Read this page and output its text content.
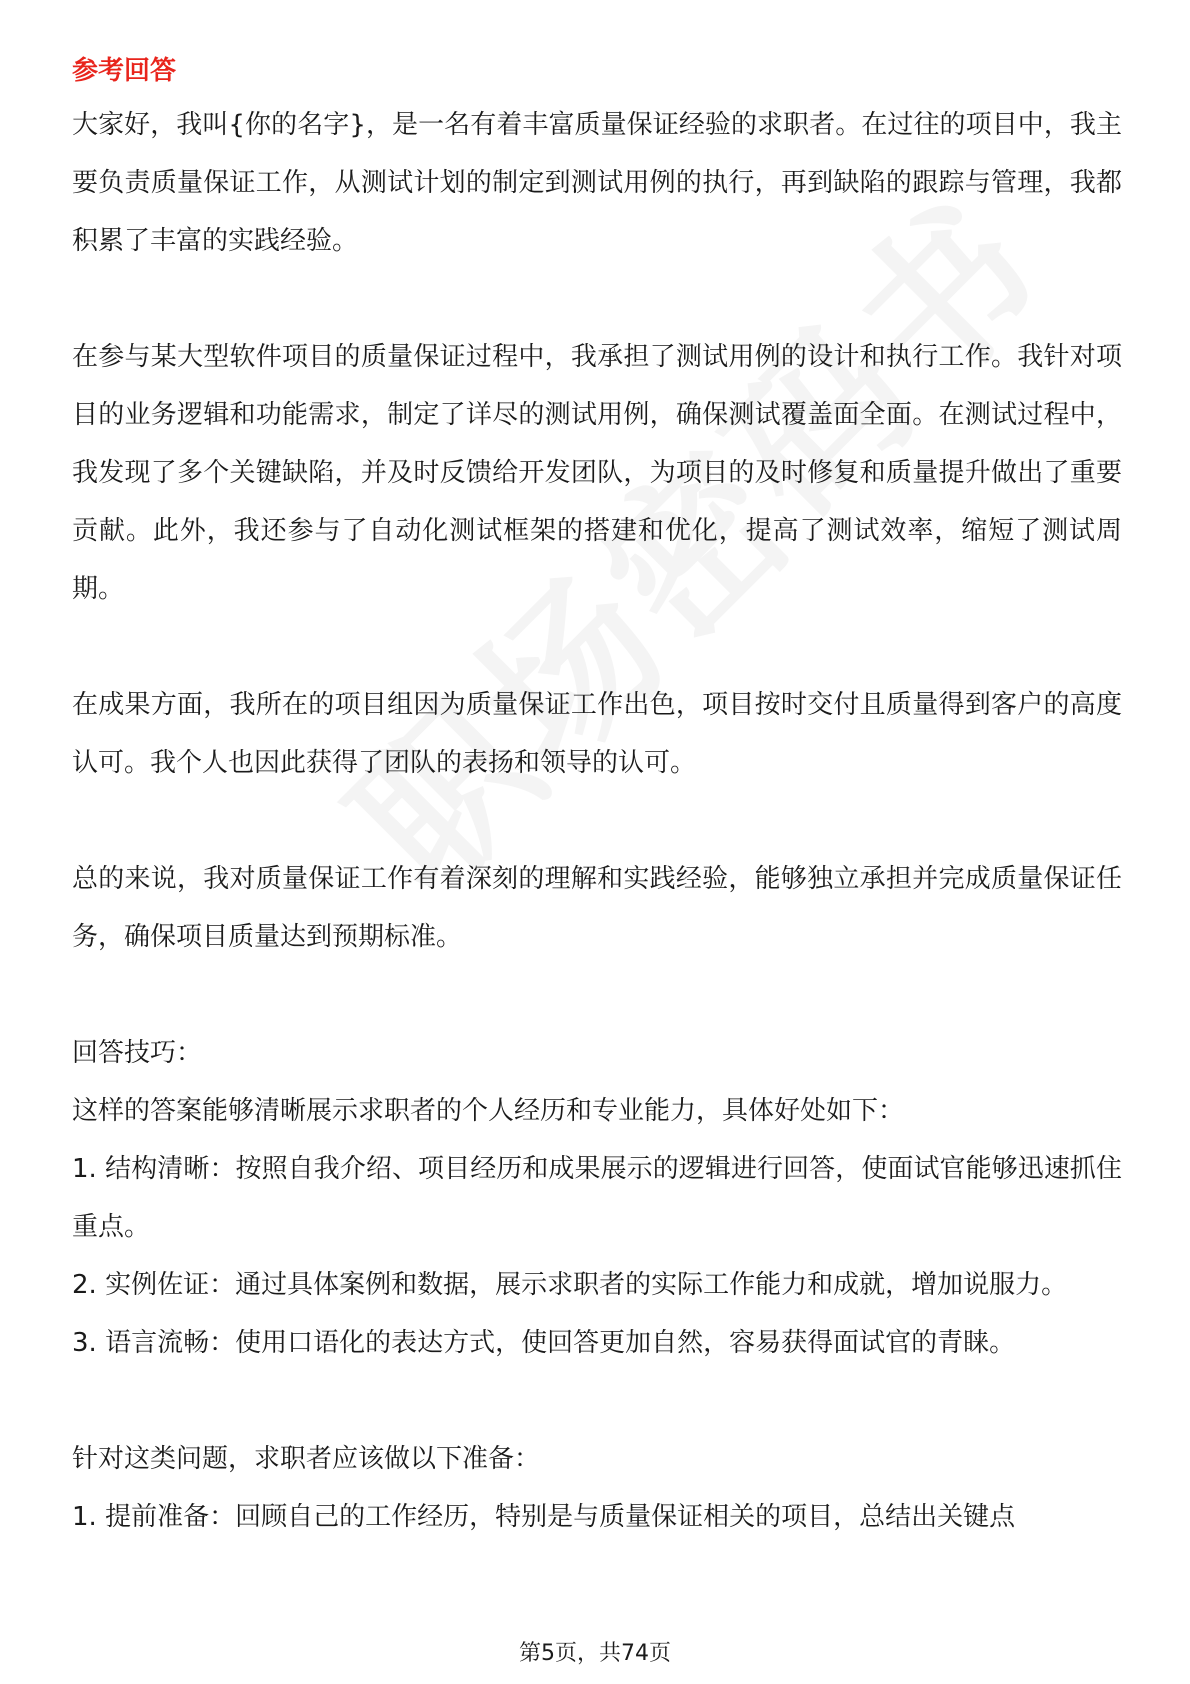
参考回答

大家好，我叫{你的名字}，是一名有着丰富质量保证经验的求职者。在过往的项目中，我主要负责质量保证工作，从测试计划的制定到测试用例的执行，再到缺陷的跟踪与管理，我都积累了丰富的实践经验。

在参与某大型软件项目的质量保证过程中，我承担了测试用例的设计和执行工作。我针对项目的业务逻辑和功能需求，制定了详尽的测试用例，确保测试覆盖面全面。在测试过程中，我发现了多个关键缺陷，并及时反馈给开发团队，为项目的及时修复和质量提升做出了重要贡献。此外，我还参与了自动化测试框架的搭建和优化，提高了测试效率，缩短了测试周期。

在成果方面，我所在的项目组因为质量保证工作出色，项目按时交付且质量得到客户的高度认可。我个人也因此获得了团队的表扬和领导的认可。

总的来说，我对质量保证工作有着深刻的理解和实践经验，能够独立承担并完成质量保证任务，确保项目质量达到预期标准。

回答技巧：

这样的答案能够清晰展示求职者的个人经历和专业能力，具体好处如下：

1. 结构清晰：按照自我介绍、项目经历和成果展示的逻辑进行回答，使面试官能够迅速抓住重点。

2. 实例佐证：通过具体案例和数据，展示求职者的实际工作能力和成就，增加说服力。

3. 语言流畅：使用口语化的表达方式，使回答更加自然，容易获得面试官的青睐。

针对这类问题，求职者应该做以下准备：

1. 提前准备：回顾自己的工作经历，特别是与质量保证相关的项目，总结出关键点

第5页，共74页
